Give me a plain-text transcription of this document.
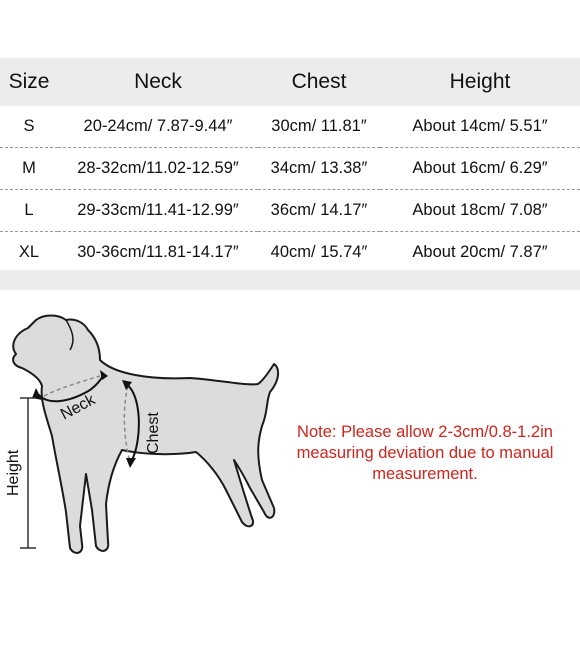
Size	Neck	Chest	Height
S	20-24cm/ 7.87-9.44″	30cm/ 11.81″	About 14cm/ 5.51″
M	28-32cm/11.02-12.59″	34cm/ 13.38″	About 16cm/ 6.29″
L	29-33cm/11.41-12.99″	36cm/ 14.17″	About 18cm/ 7.08″
XL	30-36cm/11.81-14.17″	40cm/ 15.74″	About 20cm/ 7.87″
Neck
Chest
Height
Note: Please allow 2-3cm/0.8-1.2in measuring deviation due to manual measurement.
